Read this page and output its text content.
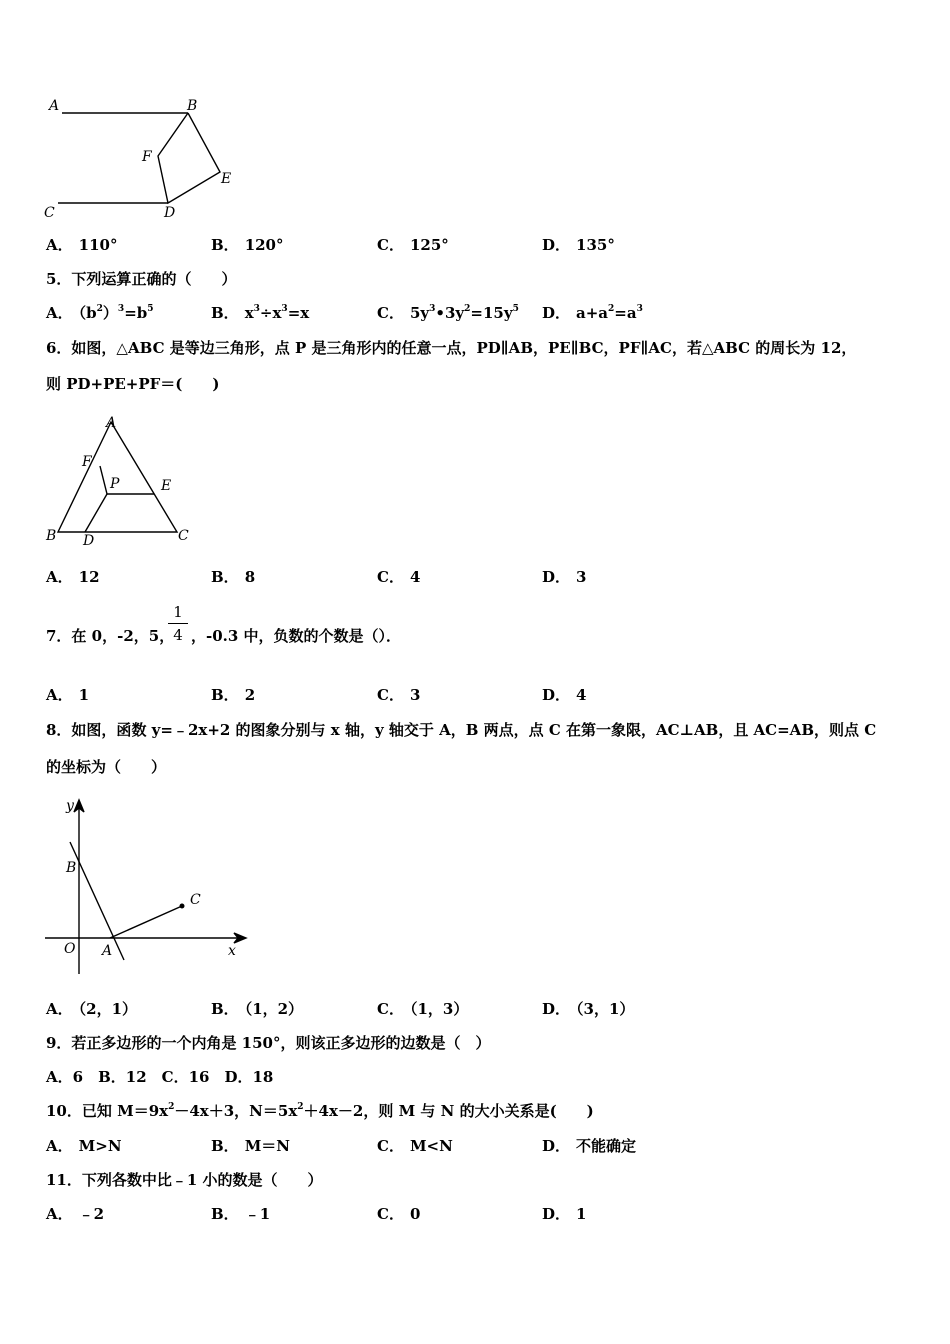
A	B
F
E
C	D
A． 110°	B． 120°	C． 125°	D． 135°
5．下列运算正确的（　　）
A． $(b^2)^3=b^5$	B． $x^3\div x^3=x$	C． $5y^3•3y^2=15y^5$ D． $a+a^2=a^3$
6．如图，△ABC 是等边三角形，点 P 是三角形内的任意一点，PD∥AB，PE∥BC，PF∥AC，若△ABC 的周长为 12，
则 PD+PE+PF＝(　　)
A
F
P	E
B D	C
A． 12	B． 8	C． 4	D． 3
7．在 0，-2，5，
1
4 ，-0.3 中，负数的个数是（）．
A． 1	B． 2	C． 3	D． 4
8．如图，函数 y=﹣2x+2 的图象分别与 x 轴，y 轴交于 A，B 两点，点 C 在第一象限，AC⊥AB，且 AC=AB，则点 C
的坐标为（　　）
y
B
C
O A	x
A． （2，1）	B． （1，2）	C． （1，3）	D． （3，1）
9．若正多边形的一个内角是 150°，则该正多边形的边数是（　）
A．6　B．12　C．16　D．18
10．已知 $M=9x^2-4x+3$，$N=5x^2+4x-2$，则 M 与 N 的大小关系是(　　)
A． M>N	B． M＝N	C． M<N	D． 不能确定
11．下列各数中比﹣1 小的数是（　　）
A． ﹣2	B． ﹣1	C． 0	D． 1
